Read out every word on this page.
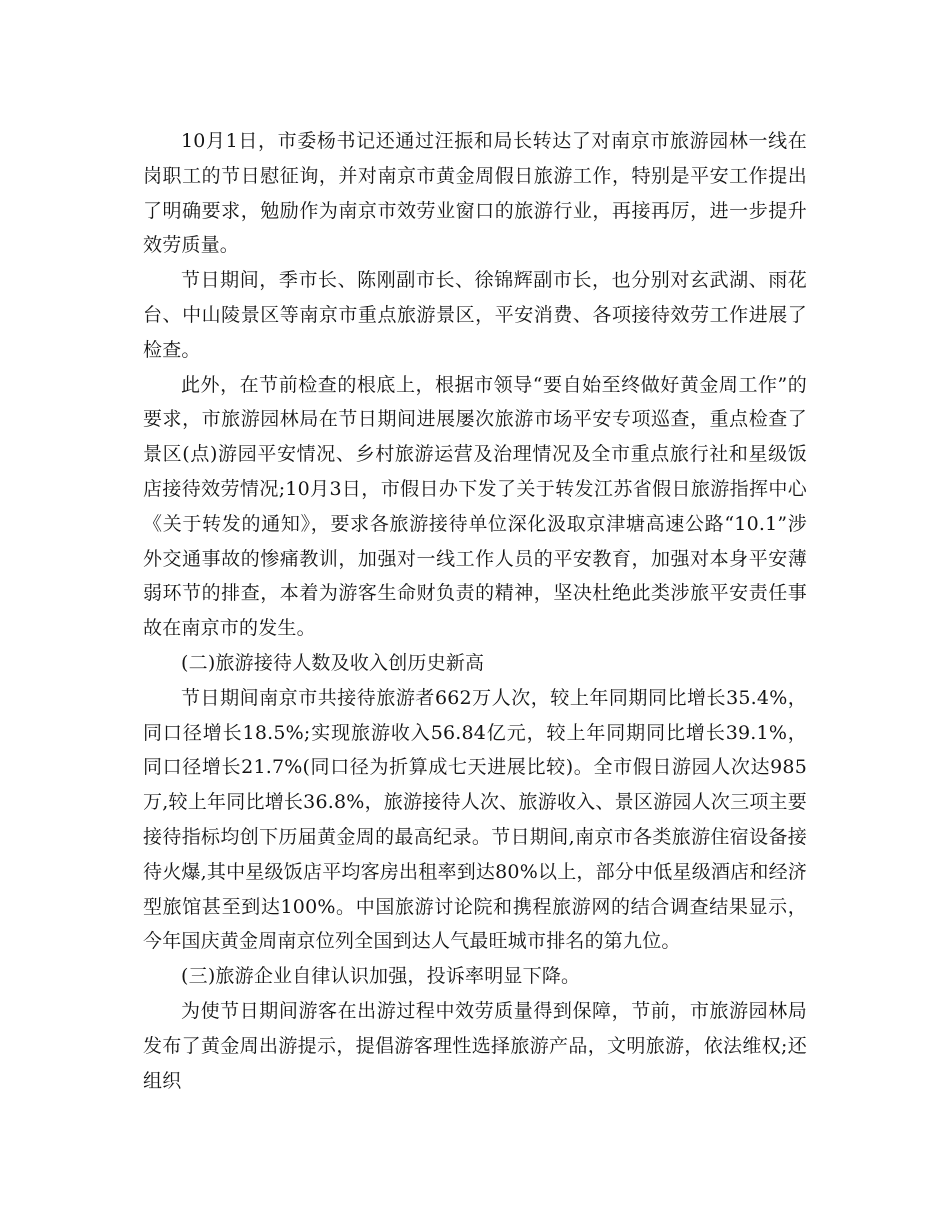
10月1日，市委杨书记还通过汪振和局长转达了对南京市旅游园林一线在岗职工的节日慰征询，并对南京市黄金周假日旅游工作，特别是平安工作提出了明确要求，勉励作为南京市效劳业窗口的旅游行业，再接再厉，进一步提升效劳质量。

节日期间，季市长、陈刚副市长、徐锦辉副市长，也分别对玄武湖、雨花台、中山陵景区等南京市重点旅游景区，平安消费、各项接待效劳工作进展了检查。

此外，在节前检查的根底上，根据市领导“要自始至终做好黄金周工作”的要求，市旅游园林局在节日期间进展屡次旅游市场平安专项巡查，重点检查了景区(点)游园平安情况、乡村旅游运营及治理情况及全市重点旅行社和星级饭店接待效劳情况;10月3日，市假日办下发了关于转发江苏省假日旅游指挥中心《关于转发的通知》，要求各旅游接待单位深化汲取京津塘高速公路“10.1”涉外交通事故的惨痛教训，加强对一线工作人员的平安教育，加强对本身平安薄弱环节的排查，本着为游客生命财负责的精神，坚决杜绝此类涉旅平安责任事故在南京市的发生。

(二)旅游接待人数及收入创历史新高

节日期间南京市共接待旅游者662万人次，较上年同期同比增长35.4%，同口径增长18.5%;实现旅游收入56.84亿元，较上年同期同比增长39.1%，同口径增长21.7%(同口径为折算成七天进展比较)。全市假日游园人次达985万,较上年同比增长36.8%，旅游接待人次、旅游收入、景区游园人次三项主要接待指标均创下历届黄金周的最高纪录。节日期间,南京市各类旅游住宿设备接待火爆,其中星级饭店平均客房出租率到达80%以上，部分中低星级酒店和经济型旅馆甚至到达100%。中国旅游讨论院和携程旅游网的结合调查结果显示，今年国庆黄金周南京位列全国到达人气最旺城市排名的第九位。

(三)旅游企业自律认识加强，投诉率明显下降。

为使节日期间游客在出游过程中效劳质量得到保障，节前，市旅游园林局发布了黄金周出游提示，提倡游客理性选择旅游产品，文明旅游，依法维权;还组织
